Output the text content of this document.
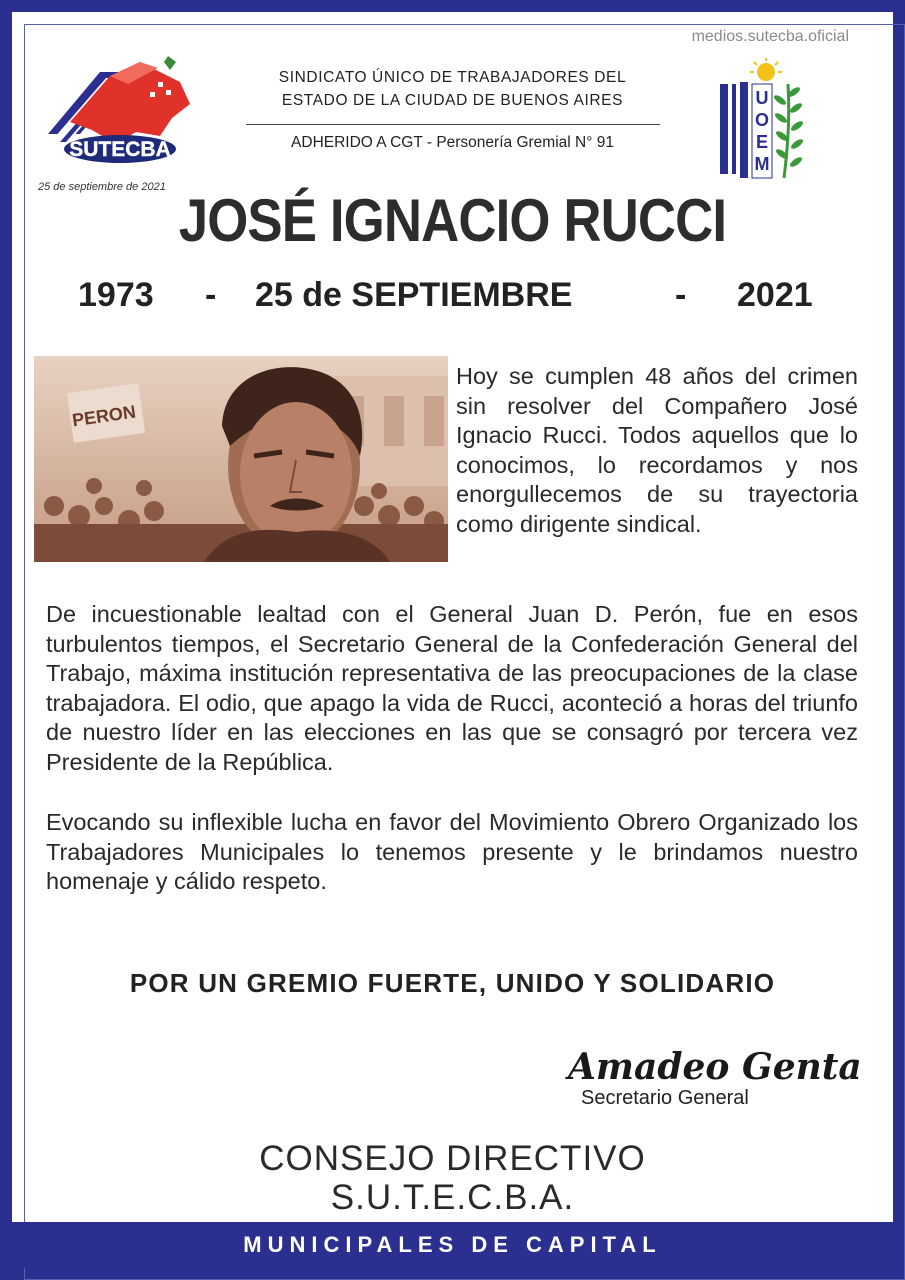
medios.sutecba.oficial
SUTECBA
25 de septiembre de 2021
SINDICATO ÚNICO DE TRABAJADORES DEL
ESTADO DE LA CIUDAD DE BUENOS AIRES
ADHERIDO A CGT - Personería Gremial N° 91
U
O
E
M
JOSÉ IGNACIO RUCCI
1973 - 25 de SEPTIEMBRE	- 2021
PERON

Hoy se cumplen 48 años del crimen sin resolver del Compañero José Ignacio Rucci. Todos aquellos que lo conocimos, lo recordamos y nos enorgullecemos de su trayectoria como dirigente sindical.

De incuestionable lealtad con el General Juan D. Perón, fue en esos turbulentos tiempos, el Secretario General de la Confederación General del Trabajo, máxima institución representativa de las preocupaciones de la clase trabajadora. El odio, que apago la vida de Rucci, aconteció a horas del triunfo de nuestro líder en las elecciones en las que se consagró por tercera vez Presidente de la República.

Evocando su inflexible lucha en favor del Movimiento Obrero Organizado los Trabajadores Municipales lo tenemos presente y le brindamos nuestro homenaje y cálido respeto.

POR UN GREMIO FUERTE, UNIDO Y SOLIDARIO
Amadeo Genta
Secretario General
CONSEJO DIRECTIVO
S.U.T.E.C.B.A.
MUNICIPALES DE CAPITAL
